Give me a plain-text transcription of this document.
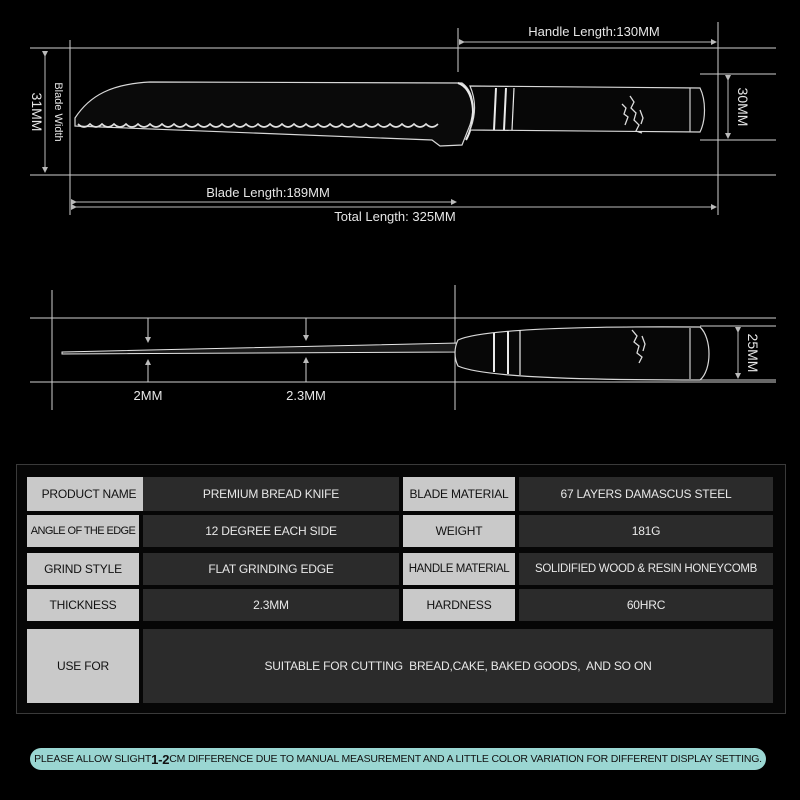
Handle Length:130MM
31MM Blade Width	30MM
Blade Length:189MM
Total Length: 325MM
2MM	2.3MM
25MM
PRODUCT NAME	PREMIUM BREAD KNIFE	BLADE MATERIAL	67 LAYERS DAMASCUS STEEL
ANGLE OF THE EDGE	12 DEGREE EACH SIDE	WEIGHT	181G
GRIND STYLE	FLAT GRINDING EDGE	HANDLE MATERIAL	SOLIDIFIED WOOD & RESIN HONEYCOMB
THICKNESS	2.3MM	HARDNESS	60HRC
USE FOR	SUITABLE FOR CUTTING  BREAD,CAKE, BAKED GOODS,  AND SO ON
PLEASE ALLOW SLIGHT 1-2 CM DIFFERENCE DUE TO MANUAL MEASUREMENT AND A LITTLE COLOR VARIATION FOR DIFFERENT DISPLAY SETTING.
